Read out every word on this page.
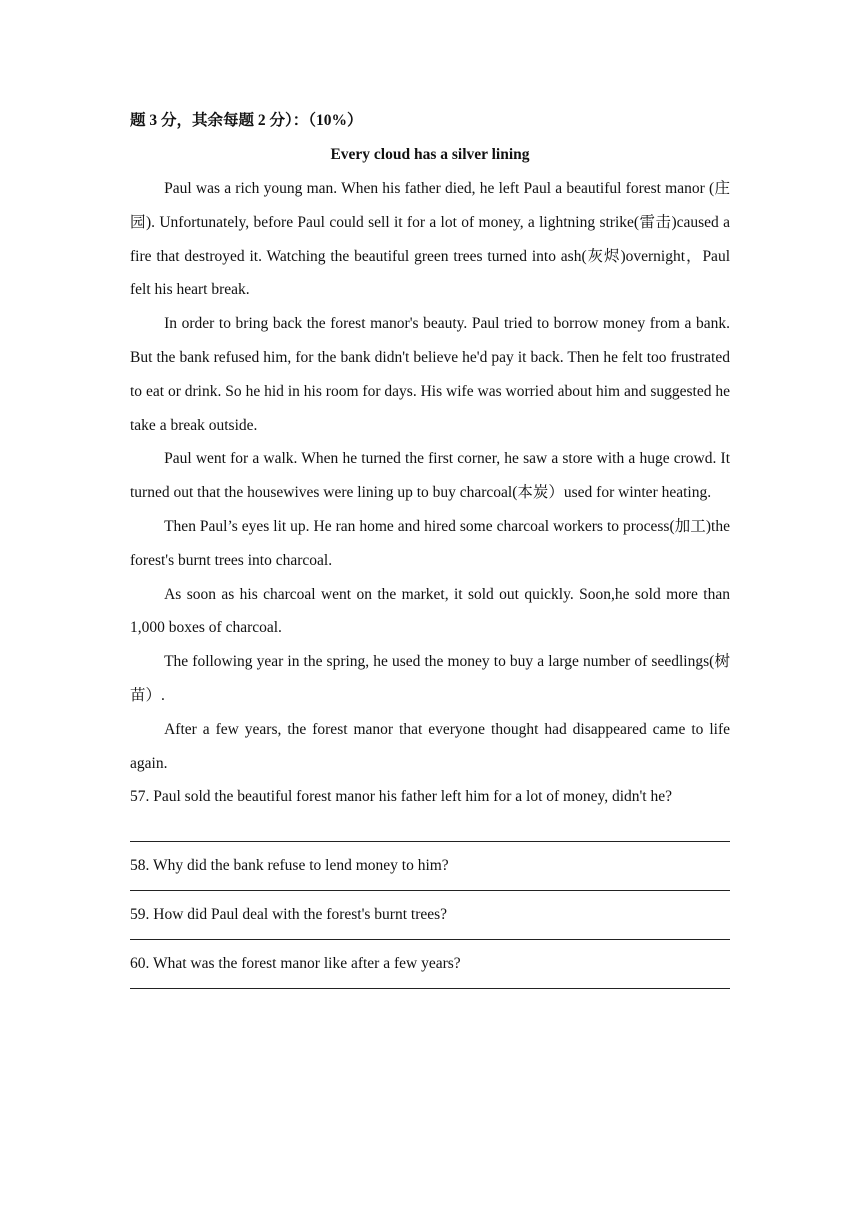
题 3 分，其余每题 2 分）：（10%）
Every cloud has a silver lining

Paul was a rich young man. When his father died, he left Paul a beautiful forest manor (庄园). Unfortunately, before Paul could sell it for a lot of money, a lightning strike(雷击)caused a fire that destroyed it. Watching the beautiful green trees turned into ash(灰烬)overnight，Paul felt his heart break.

In order to bring back the forest manor's beauty. Paul tried to borrow money from a bank. But the bank refused him, for the bank didn't believe he'd pay it back. Then he felt too frustrated to eat or drink. So he hid in his room for days. His wife was worried about him and suggested he take a break outside.

Paul went for a walk. When he turned the first corner, he saw a store with a huge crowd. It turned out that the housewives were lining up to buy charcoal(本炭）used for winter heating.

Then Paul’s eyes lit up. He ran home and hired some charcoal workers to process(加工)the forest's burnt trees into charcoal.

As soon as his charcoal went on the market, it sold out quickly. Soon,he sold more than 1,000 boxes of charcoal.

The following year in the spring, he used the money to buy a large number of seedlings(树苗）.

After a few years, the forest manor that everyone thought had disappeared came to life again.

57. Paul sold the beautiful forest manor his father left him for a lot of money, didn't he?
58. Why did the bank refuse to lend money to him?
59. How did Paul deal with the forest's burnt trees?
60. What was the forest manor like after a few years?
